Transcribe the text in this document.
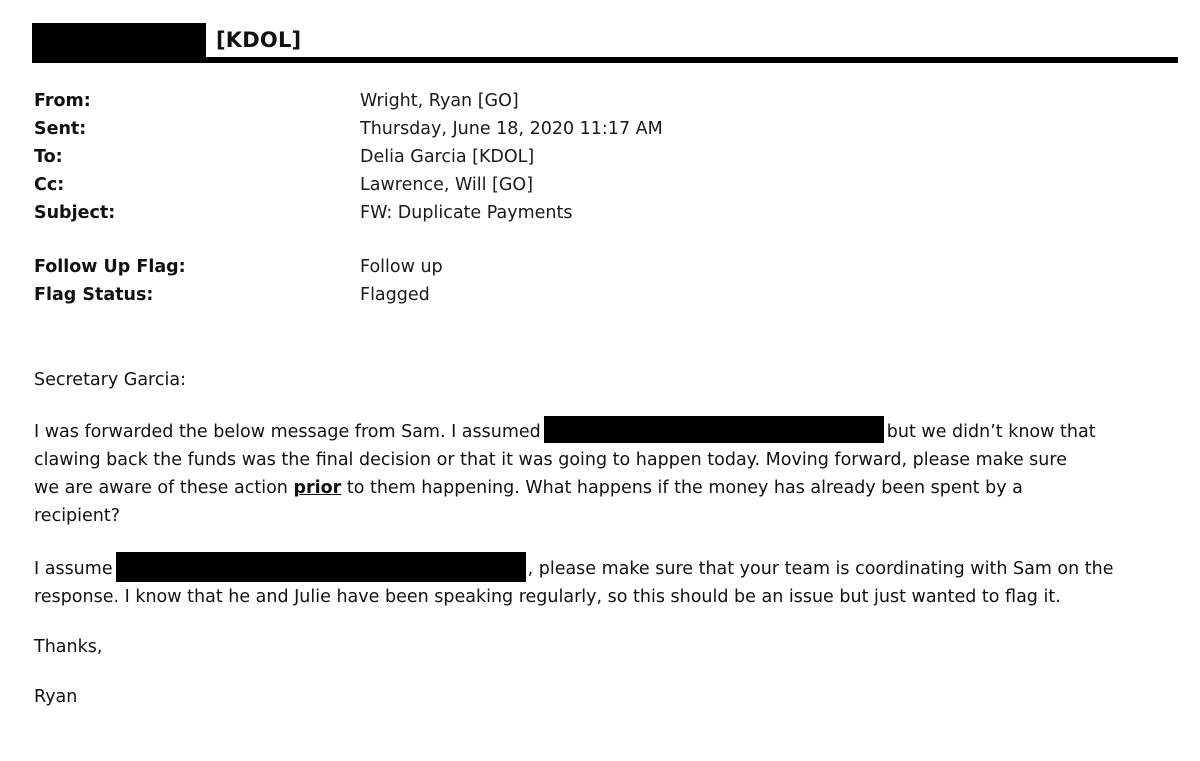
[KDOL]
From:	Wright, Ryan [GO]
Sent:	Thursday, June 18, 2020 11:17 AM
To:	Delia Garcia [KDOL]
Cc:	Lawrence, Will [GO]
Subject:	FW: Duplicate Payments
Follow Up Flag:	Follow up
Flag Status:	Flagged

Secretary Garcia:

I was forwarded the below message from Sam. I assumed	but we didn’t know that

clawing back the funds was the final decision or that it was going to happen today. Moving forward, please make sure

we are aware of these action prior to them happening. What happens if the money has already been spent by a

recipient?

I assume	, please make sure that your team is coordinating with Sam on the

response. I know that he and Julie have been speaking regularly, so this should be an issue but just wanted to flag it.

Thanks,

Ryan
